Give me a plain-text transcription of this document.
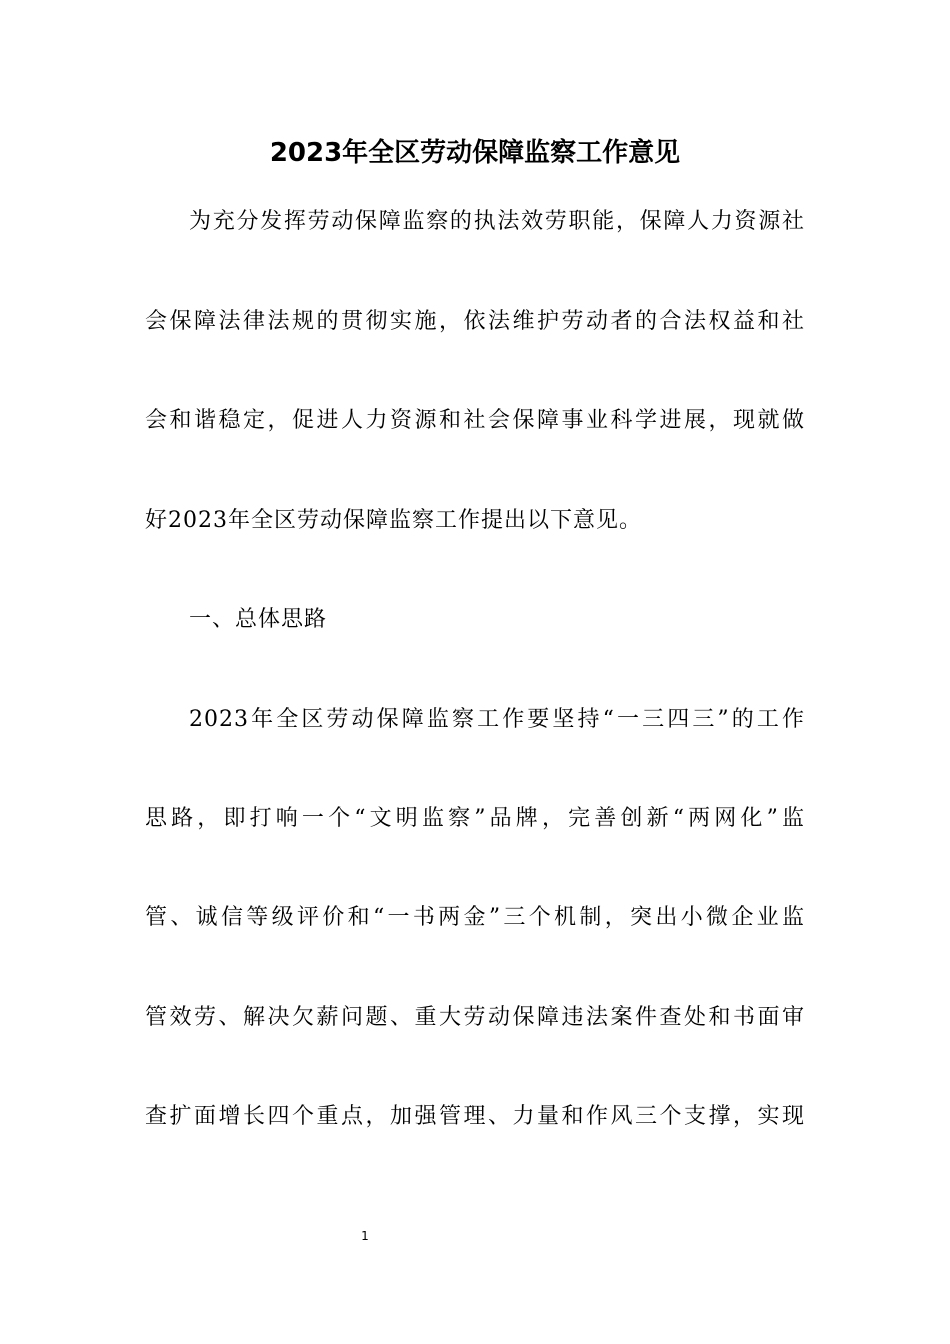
2023年全区劳动保障监察工作意见
为充分发挥劳动保障监察的执法效劳职能，保障人力资源社
会保障法律法规的贯彻实施，依法维护劳动者的合法权益和社
会和谐稳定，促进人力资源和社会保障事业科学进展，现就做
好2023年全区劳动保障监察工作提出以下意见。
一、总体思路
2023年全区劳动保障监察工作要坚持“一三四三”的工作
思路，即打响一个“文明监察”品牌，完善创新“两网化”监
管、诚信等级评价和“一书两金”三个机制，突出小微企业监
管效劳、解决欠薪问题、重大劳动保障违法案件查处和书面审
查扩面增长四个重点，加强管理、力量和作风三个支撑，实现
1
